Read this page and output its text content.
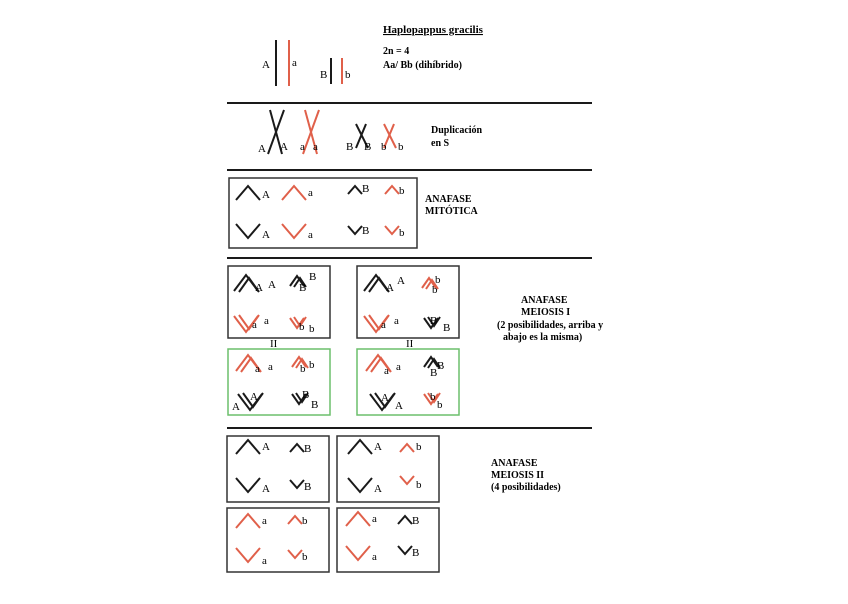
Haplopappus gracilis
2n = 4
Aa/ Bb (dihíbrido)
A a
B b
A A a a	B B b b
Duplicación
en S
A	a	B	b
A	a	B	b
ANAFASE
MITÓTICA
A A B
B
a a	b b
II
a a b b
A
A	B
B
A
A	b
b
a a	B
B
II
a a	B
B
A
A
b
b
ANAFASE
MEIOSIS I
(2 posibilidades, arriba y
abajo es la misma)
A	B
A	B
A	b
A	b
a	b
a	b
a	B
a	B
ANAFASE
MEIOSIS II
(4 posibilidades)
